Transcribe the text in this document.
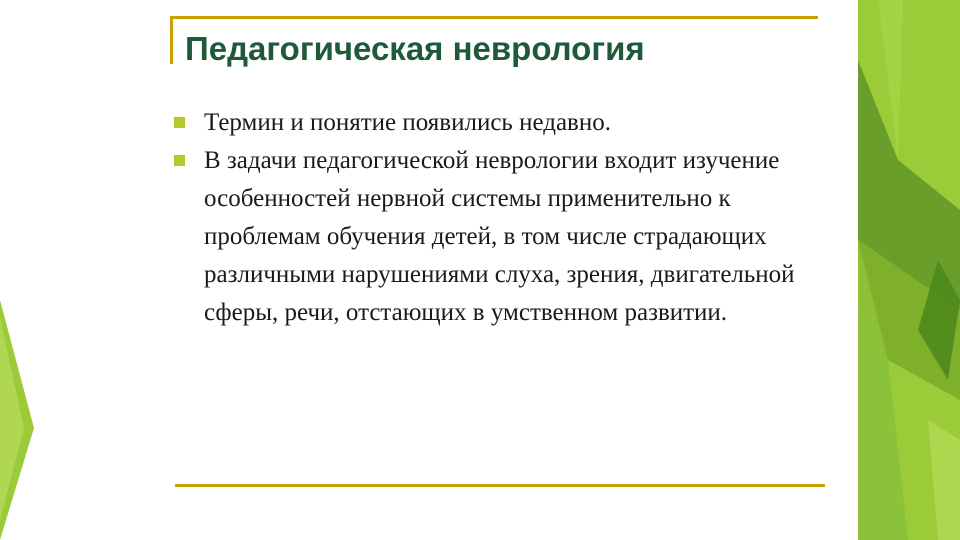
Педагогическая неврология
Термин и понятие появились недавно.
В задачи педагогической неврологии входит изучение особенностей нервной системы применительно к проблемам обучения детей, в том числе страдающих различными нарушениями слуха, зрения, двигательной сферы, речи, отстающих в умственном развитии.
